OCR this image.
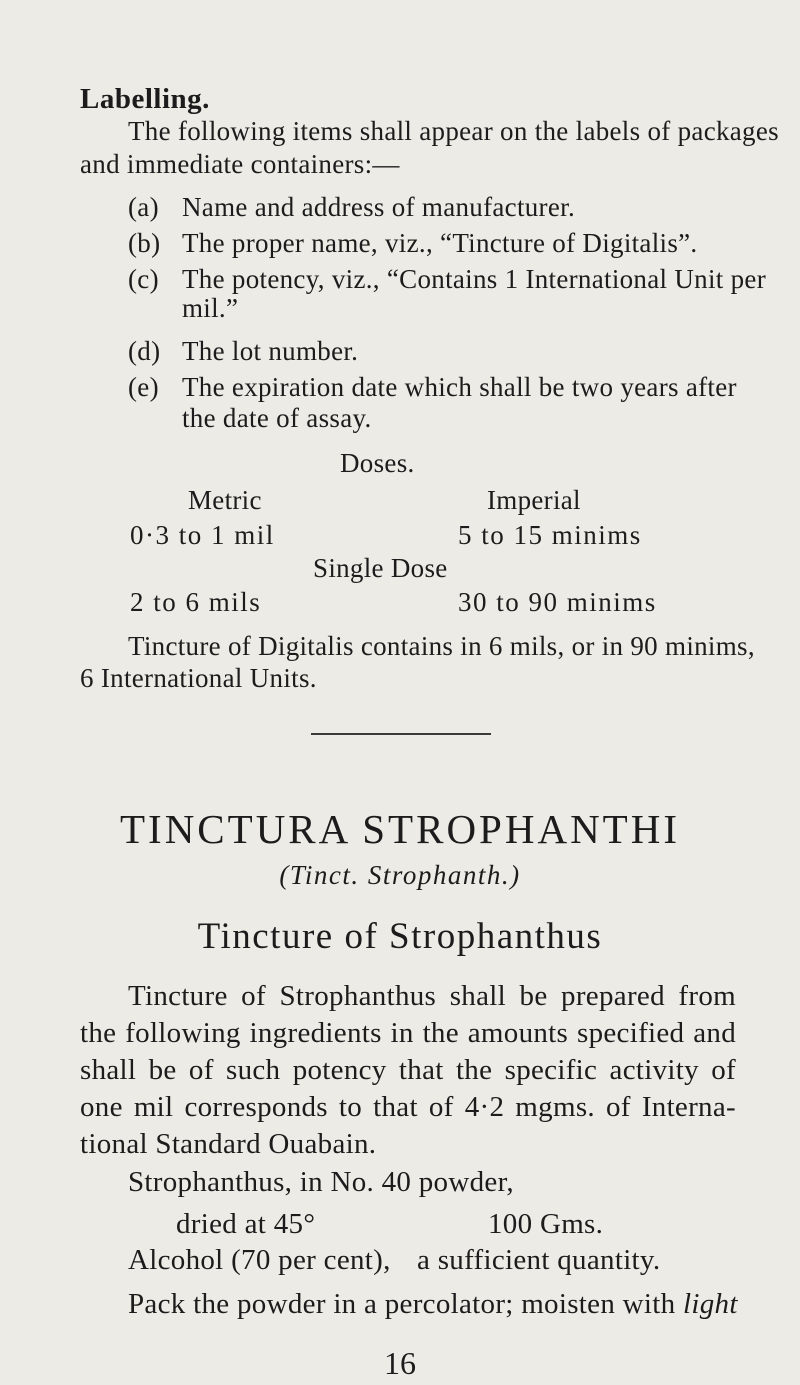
Labelling.
The following items shall appear on the labels of packages
and immediate containers:—
(a) Name and address of manufacturer.
(b) The proper name, viz., “Tincture of Digitalis”.
(c) The potency, viz., “Contains 1 International Unit per
mil.”
(d) The lot number.
(e) The expiration date which shall be two years after
the date of assay.
Doses.
Metric	Imperial
0·3 to 1 mil	5 to 15 minims
Single Dose
2 to 6 mils	30 to 90 minims
Tincture of Digitalis contains in 6 mils, or in 90 minims,
6 International Units.
TINCTURA STROPHANTHI
(Tinct. Strophanth.)
Tincture of Strophanthus
Tincture of Strophanthus shall be prepared from
the following ingredients in the amounts specified and
shall be of such potency that the specific activity of
one mil corresponds to that of 4·2 mgms. of Interna-
tional Standard Ouabain.
Strophanthus, in No. 40 powder,
dried at 45°	100 Gms.
Alcohol (70 per cent), a sufficient quantity.
Pack the powder in a percolator; moisten with light
16
